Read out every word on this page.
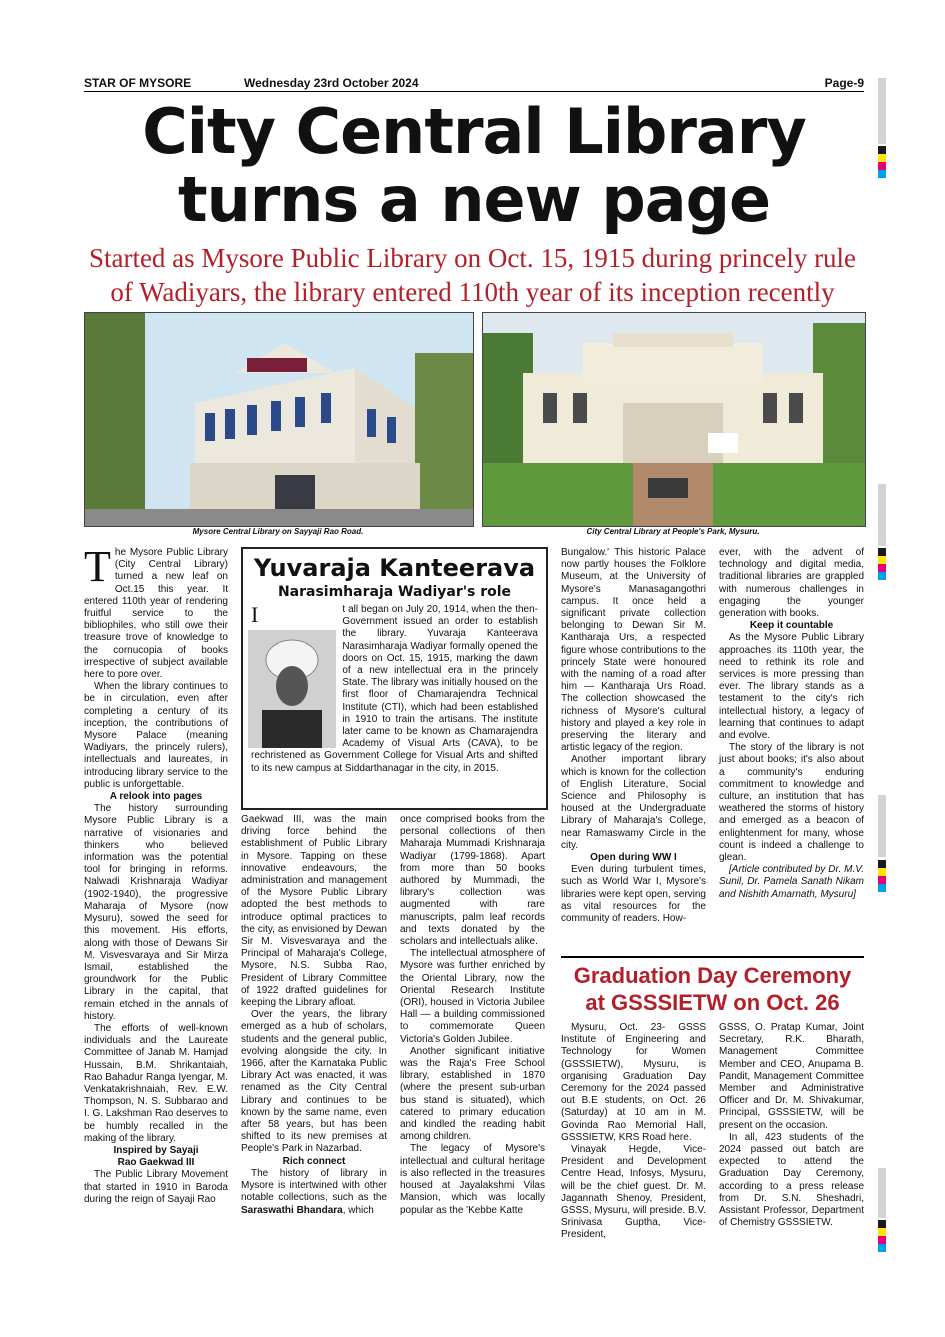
STAR OF MYSORE	Wednesday 23rd October 2024	Page-9
City Central Library
turns a new page
Started as Mysore Public Library on Oct. 15, 1915 during princely rule
of Wadiyars, the library entered 110th year of its inception recently
Mysore Central Library on Sayyaji Rao Road.	City Central Library at People's Park, Mysuru.
T he Mysore Public Library (City Central Library) turned a new leaf on Oct.15 this year. It entered 110th year of rendering fruitful service to the bibliophiles, who still owe their treasure trove of knowledge to the cornucopia of books irrespective of subject available here to pore over.

When the library continues to be in circulation, even after completing a century of its inception, the contributions of Mysore Palace (meaning Wadiyars, the princely rulers), intellectuals and laureates, in introducing library service to the public is unforgettable.

A relook into pages

The history surrounding Mysore Public Library is a narrative of visionaries and thinkers who believed information was the potential tool for bringing in reforms. Nalwadi Krishnaraja Wadiyar (1902-1940), the progressive Maharaja of Mysore (now Mysuru), sowed the seed for this movement. His efforts, along with those of Dewans Sir M. Visvesvaraya and Sir Mirza Ismail, established the groundwork for the Public Library in the capital, that remain etched in the annals of history.

The efforts of well-known individuals and the Laureate Committee of Janab M. Hamjad Hussain, B.M. Shrikantaiah, Rao Bahadur Ranga Iyengar, M. Venkatakrishnaiah, Rev. E.W. Thompson, N. S. Subbarao and I. G. Lakshman Rao deserves to be humbly recalled in the making of the library.

Inspired by Sayaji

Rao Gaekwad III

The Public Library Movement that started in 1910 in Baroda during the reign of Sayaji Rao

Yuvaraja Kanteerava
Narasimharaja Wadiyar's role
I	t all began on July 20, 1914, when the then-Government issued an order to establish the library. Yuvaraja Kanteerava Narasimharaja Wadiyar formally opened the doors on Oct. 15, 1915, marking the dawn of a new intellectual era in the princely State. The library was initially housed on the first floor of Chamarajendra Technical Institute (CTI), which had been established in 1910 to train the artisans. The institute later came to be known as Chamarajendra Academy of Visual Arts (CAVA), to be rechristened as Government College for Visual Arts and shifted to its new campus at Siddarthanagar in the city, in 2015.

Gaekwad III, was the main driving force behind the establishment of Public Library in Mysore. Tapping on these innovative endeavours, the administration and management of the Mysore Public Library adopted the best methods to introduce optimal practices to the city, as envisioned by Dewan Sir M. Visvesvaraya and the Principal of Maharaja's College, Mysore, N.S. Subba Rao, President of Library Committee of 1922 drafted guidelines for keeping the Library afloat.

Over the years, the library emerged as a hub of scholars, students and the general public, evolving alongside the city. In 1966, after the Karnataka Public Library Act was enacted, it was renamed as the City Central Library and continues to be known by the same name, even after 58 years, but has been shifted to its new premises at People's Park in Nazarbad.

Rich connect

The history of library in Mysore is intertwined with other notable collections, such as the Saraswathi Bhandara, which

once comprised books from the personal collections of then Maharaja Mummadi Krishnaraja Wadiyar (1799-1868). Apart from more than 50 books authored by Mummadi, the library's collection was augmented with rare manuscripts, palm leaf records and texts donated by the scholars and intellectuals alike.

The intellectual atmosphere of Mysore was further enriched by the Oriental Library, now the Oriental Research Institute (ORI), housed in Victoria Jubilee Hall — a building commissioned to commemorate Queen Victoria's Golden Jubilee.

Another significant initiative was the Raja's Free School library, established in 1870 (where the present sub-urban bus stand is situated), which catered to primary education and kindled the reading habit among children.

The legacy of Mysore's intellectual and cultural heritage is also reflected in the treasures housed at Jayalakshmi Vilas Mansion, which was locally popular as the 'Kebbe Katte

Bungalow.' This historic Palace now partly houses the Folklore Museum, at the University of Mysore's Manasagangothri campus. It once held a significant private collection belonging to Dewan Sir M. Kantharaja Urs, a respected figure whose contributions to the princely State were honoured with the naming of a road after him — Kantharaja Urs Road. The collection showcased the richness of Mysore's cultural history and played a key role in preserving the literary and artistic legacy of the region.

Another important library which is known for the collection of English Literature, Social Science and Philosophy is housed at the Undergraduate Library of Maharaja's College, near Ramaswamy Circle in the city.

Open during WW I

Even during turbulent times, such as World War I, Mysore's libraries were kept open, serving as vital resources for the community of readers. How-

ever, with the advent of technology and digital media, traditional libraries are grappled with numerous challenges in engaging the younger generation with books.

Keep it countable

As the Mysore Public Library approaches its 110th year, the need to rethink its role and services is more pressing than ever. The library stands as a testament to the city's rich intellectual history, a legacy of learning that continues to adapt and evolve.

The story of the library is not just about books; it's also about a community's enduring commitment to knowledge and culture, an institution that has weathered the storms of history and emerged as a beacon of enlightenment for many, whose count is indeed a challenge to glean.

[Article contributed by Dr. M.V. Sunil, Dr. Pamela Sanath Nikam and Nishith Amarnath, Mysuru]

Graduation Day Ceremony
at GSSSIETW on Oct. 26

Mysuru, Oct. 23- GSSS Institute of Engineering and Technology for Women (GSSSIETW), Mysuru, is organising Graduation Day Ceremony for the 2024 passed out B.E students, on Oct. 26 (Saturday) at 10 am in M. Govinda Rao Memorial Hall, GSSSIETW, KRS Road here.

Vinayak Hegde, Vice-President and Development Centre Head, Infosys, Mysuru, will be the chief guest. Dr. M. Jagannath Shenoy, President, GSSS, Mysuru, will preside. B.V. Srinivasa Guptha, Vice-President,

GSSS, O. Pratap Kumar, Joint Secretary, R.K. Bharath, Management Committee Member and CEO, Anupama B. Pandit, Management Committee Member and Administrative Officer and Dr. M. Shivakumar, Principal, GSSSIETW, will be present on the occasion.

In all, 423 students of the 2024 passed out batch are expected to attend the Graduation Day Ceremony, according to a press release from Dr. S.N. Sheshadri, Assistant Professor, Department of Chemistry GSSSIETW.
